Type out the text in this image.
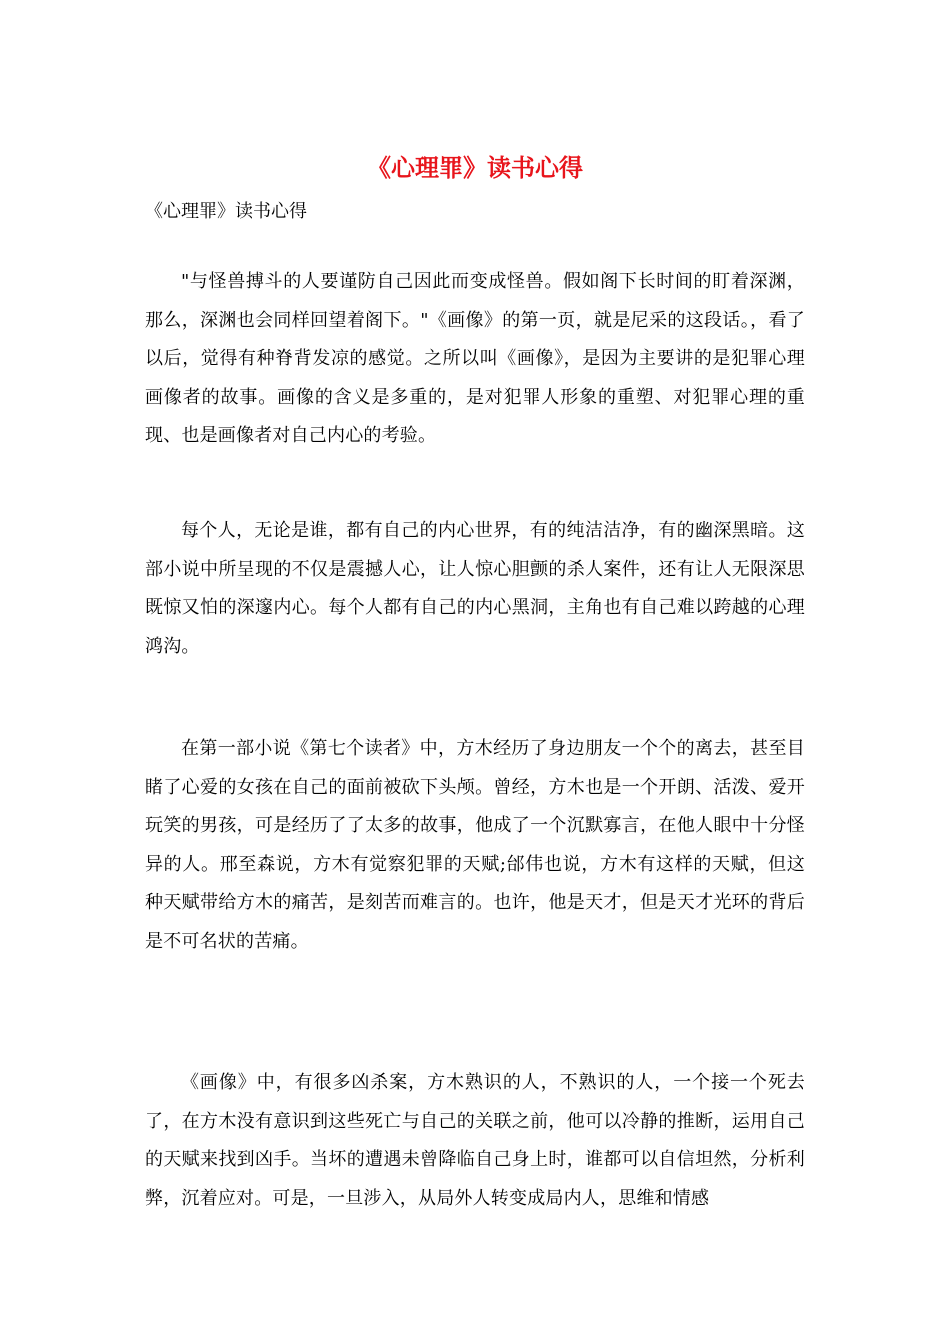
《心理罪》读书心得

《心理罪》读书心得

"与怪兽搏斗的人要谨防自己因此而变成怪兽。假如阁下长时间的盯着深渊，那么，深渊也会同样回望着阁下。"《画像》的第一页，就是尼采的这段话。，看了以后，觉得有种脊背发凉的感觉。之所以叫《画像》，是因为主要讲的是犯罪心理画像者的故事。画像的含义是多重的，是对犯罪人形象的重塑、对犯罪心理的重现、也是画像者对自己内心的考验。

每个人，无论是谁，都有自己的内心世界，有的纯洁洁净，有的幽深黑暗。这部小说中所呈现的不仅是震撼人心，让人惊心胆颤的杀人案件，还有让人无限深思既惊又怕的深邃内心。每个人都有自己的内心黑洞，主角也有自己难以跨越的心理鸿沟。

在第一部小说《第七个读者》中，方木经历了身边朋友一个个的离去，甚至目睹了心爱的女孩在自己的面前被砍下头颅。曾经，方木也是一个开朗、活泼、爱开玩笑的男孩，可是经历了了太多的故事，他成了一个沉默寡言，在他人眼中十分怪异的人。邢至森说，方木有觉察犯罪的天赋;邰伟也说，方木有这样的天赋，但这种天赋带给方木的痛苦，是刻苦而难言的。也许，他是天才，但是天才光环的背后是不可名状的苦痛。

《画像》中，有很多凶杀案，方木熟识的人，不熟识的人，一个接一个死去了，在方木没有意识到这些死亡与自己的关联之前，他可以冷静的推断，运用自己的天赋来找到凶手。当坏的遭遇未曾降临自己身上时，谁都可以自信坦然，分析利弊，沉着应对。可是，一旦涉入，从局外人转变成局内人，思维和情感
